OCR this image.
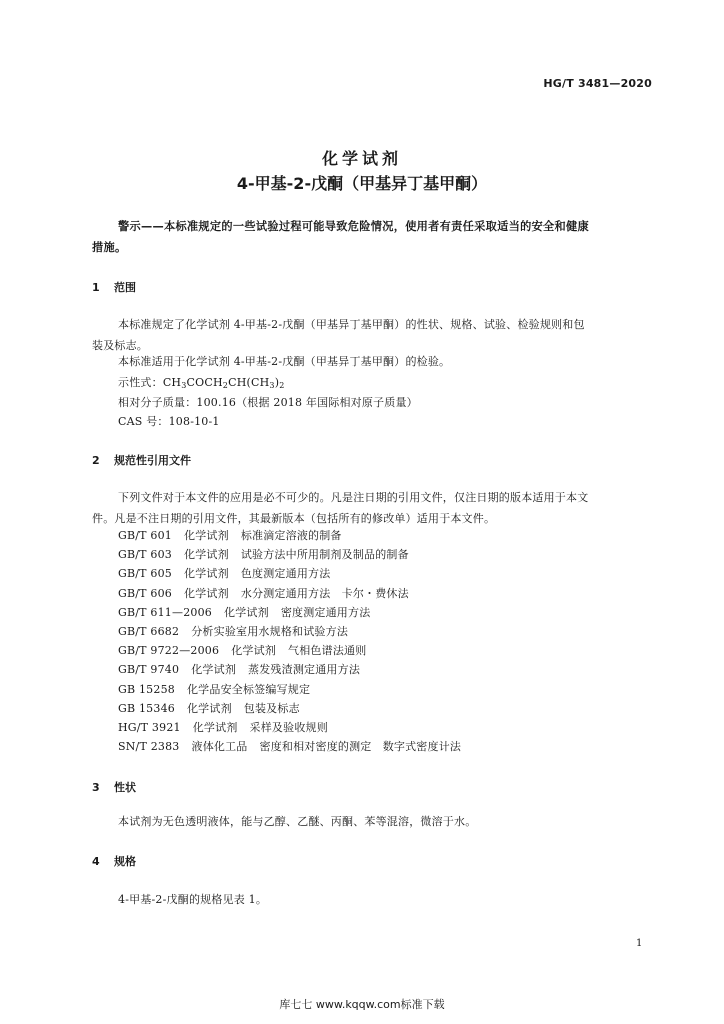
HG/T 3481—2020
化学试剂
4-甲基-2-戊酮（甲基异丁基甲酮）
警示——本标准规定的一些试验过程可能导致危险情况，使用者有责任采取适当的安全和健康
措施。
1 范围
本标准规定了化学试剂 4-甲基-2-戊酮（甲基异丁基甲酮）的性状、规格、试验、检验规则和包
装及标志。
本标准适用于化学试剂 4-甲基-2-戊酮（甲基异丁基甲酮）的检验。
示性式：$CH_3COCH_2CH(CH_3)_2$
相对分子质量：100.16（根据 2018 年国际相对原子质量）
CAS 号：108-10-1
2 规范性引用文件
下列文件对于本文件的应用是必不可少的。凡是注日期的引用文件，仅注日期的版本适用于本文
件。凡是不注日期的引用文件，其最新版本（包括所有的修改单）适用于本文件。
GB/T 601 化学试剂 标准滴定溶液的制备
GB/T 603 化学试剂 试验方法中所用制剂及制品的制备
GB/T 605 化学试剂 色度测定通用方法
GB/T 606 化学试剂 水分测定通用方法　卡尔・费休法
GB/T 611—2006 化学试剂 密度测定通用方法
GB/T 6682 分析实验室用水规格和试验方法
GB/T 9722—2006 化学试剂 气相色谱法通则
GB/T 9740 化学试剂 蒸发残渣测定通用方法
GB 15258 化学品安全标签编写规定
GB 15346 化学试剂 包装及标志
HG/T 3921 化学试剂 采样及验收规则
SN/T 2383 液体化工品 密度和相对密度的测定　数字式密度计法
3 性状
本试剂为无色透明液体，能与乙醇、乙醚、丙酮、苯等混溶，微溶于水。
4 规格
4-甲基-2-戊酮的规格见表 1。
1
库七七 www.kqqw.com标准下载
